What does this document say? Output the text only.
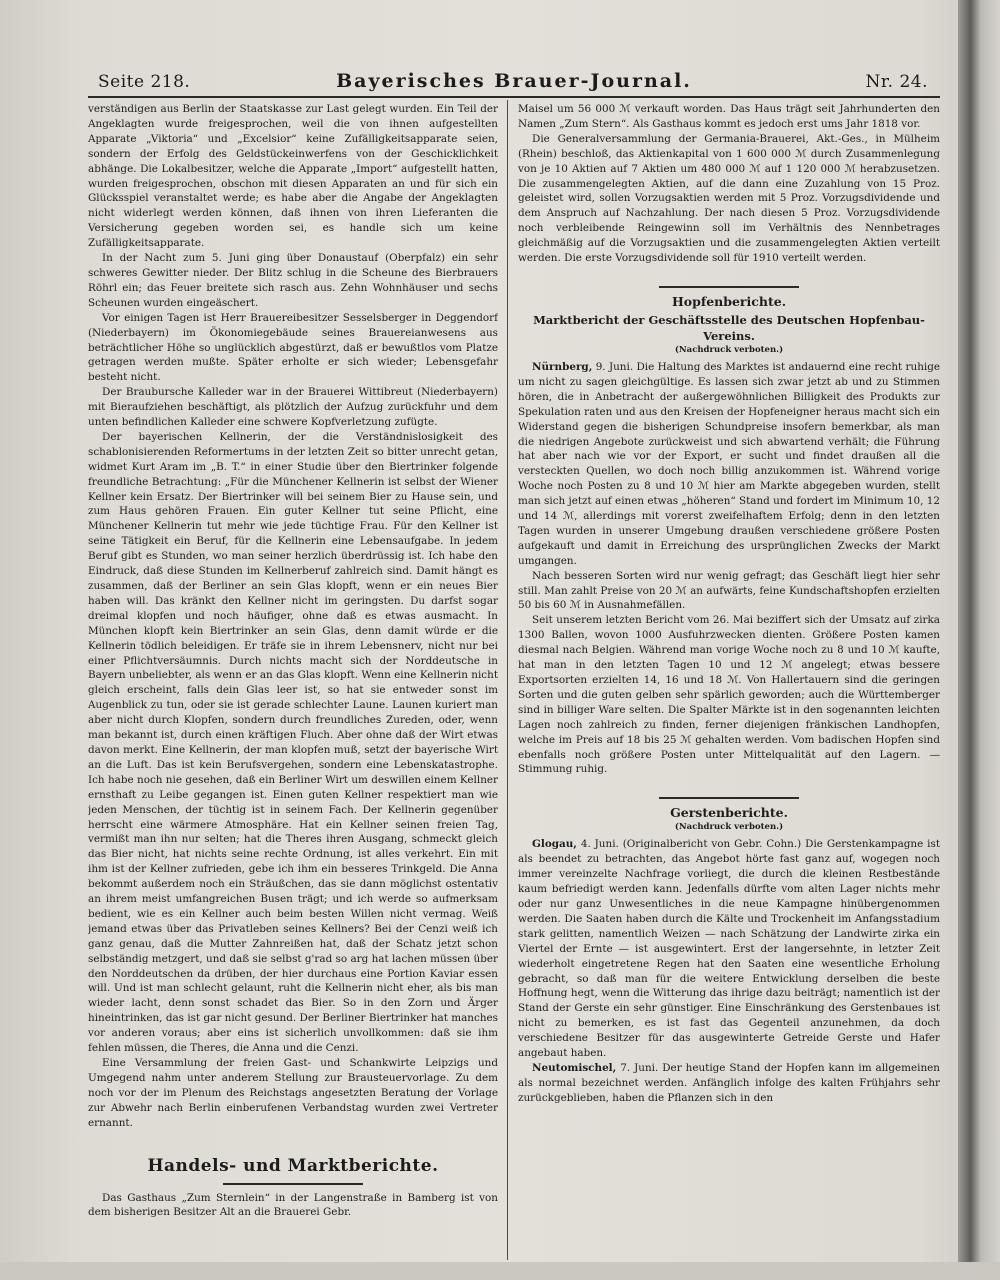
Seite 218.	Bayerisches Brauer-Journal.	Nr. 24.

verständigen aus Berlin der Staatskasse zur Last gelegt wurden. Ein Teil der Angeklagten wurde freigesprochen, weil die von ihnen aufgestellten Apparate „Viktoria“ und „Excelsior“ keine Zufälligkeitsapparate seien, sondern der Erfolg des Geldstückeinwerfens von der Geschicklichkeit abhänge. Die Lokalbesitzer, welche die Apparate „Import“ aufgestellt hatten, wurden freigesprochen, obschon mit diesen Apparaten an und für sich ein Glücksspiel veranstaltet werde; es habe aber die Angabe der Angeklagten nicht widerlegt werden können, daß ihnen von ihren Lieferanten die Versicherung gegeben worden sei, es handle sich um keine Zufälligkeitsapparate.

In der Nacht zum 5. Juni ging über Donaustauf (Oberpfalz) ein sehr schweres Gewitter nieder. Der Blitz schlug in die Scheune des Bierbrauers Röhrl ein; das Feuer breitete sich rasch aus. Zehn Wohnhäuser und sechs Scheunen wurden eingeäschert.

Vor einigen Tagen ist Herr Brauereibesitzer Sesselsberger in Deggendorf (Niederbayern) im Ökonomiegebäude seines Brauereianwesens aus beträchtlicher Höhe so unglücklich abgestürzt, daß er bewußtlos vom Platze getragen werden mußte. Später erholte er sich wieder; Lebensgefahr besteht nicht.

Der Brauburschе Kalleder war in der Brauerei Wittibreut (Niederbayern) mit Bieraufziehen beschäftigt, als plötzlich der Aufzug zurückfuhr und dem unten befindlichen Kalleder eine schwere Kopfverletzung zufügte.

Der bayerischen Kellnerin, der die Verständnislosigkeit des schablonisierenden Reformertums in der letzten Zeit so bitter unrecht getan, widmet Kurt Aram im „B. T.“ in einer Studie über den Biertrinker folgende freundliche Betrachtung: „Für die Münchener Kellnerin ist selbst der Wiener Kellner kein Ersatz. Der Biertrinker will bei seinem Bier zu Hause sein, und zum Haus gehören Frauen. Ein guter Kellner tut seine Pflicht, eine Münchener Kellnerin tut mehr wie jede tüchtige Frau. Für den Kellner ist seine Tätigkeit ein Beruf, für die Kellnerin eine Lebensaufgabe. In jedem Beruf gibt es Stunden, wo man seiner herzlich überdrüssig ist. Ich habe den Eindruck, daß diese Stunden im Kellnerberuf zahlreich sind. Damit hängt es zusammen, daß der Berliner an sein Glas klopft, wenn er ein neues Bier haben will. Das kränkt den Kellner nicht im geringsten. Du darfst sogar dreimal klopfen und noch häufiger, ohne daß es etwas ausmacht. In München klopft kein Biertrinker an sein Glas, denn damit würde er die Kellnerin tödlich beleidigen. Er träfe sie in ihrem Lebensnerv, nicht nur bei einer Pflichtversäumnis. Durch nichts macht sich der Norddeutsche in Bayern unbeliebter, als wenn er an das Glas klopft. Wenn eine Kellnerin nicht gleich erscheint, falls dein Glas leer ist, so hat sie entweder sonst im Augenblick zu tun, oder sie ist gerade schlechter Laune. Launen kuriert man aber nicht durch Klopfen, sondern durch freundliches Zureden, oder, wenn man bekannt ist, durch einen kräftigen Fluch. Aber ohne daß der Wirt etwas davon merkt. Eine Kellnerin, der man klopfen muß, setzt der bayerische Wirt an die Luft. Das ist kein Berufsvergehen, sondern eine Lebenskatastrophe. Ich habe noch nie gesehen, daß ein Berliner Wirt um deswillen einem Kellner ernsthaft zu Leibe gegangen ist. Einen guten Kellner respektiert man wie jeden Menschen, der tüchtig ist in seinem Fach. Der Kellnerin gegenüber herrscht eine wärmere Atmosphäre. Hat ein Kellner seinen freien Tag, vermißt man ihn nur selten; hat die Theres ihren Ausgang, schmeckt gleich das Bier nicht, hat nichts seine rechte Ordnung, ist alles verkehrt. Ein mit ihm ist der Kellner zufrieden, gebe ich ihm ein besseres Trinkgeld. Die Anna bekommt außerdem noch ein Sträußchen, das sie dann möglichst ostentativ an ihrem meist umfangreichen Busen trägt; und ich werde so aufmerksam bedient, wie es ein Kellner auch beim besten Willen nicht vermag. Weiß jemand etwas über das Privatleben seines Kellners? Bei der Cenzi weiß ich ganz genau, daß die Mutter Zahnreißen hat, daß der Schatz jetzt schon selbständig metzgert, und daß sie selbst g'rad so arg hat lachen müssen über den Norddeutschen da drüben, der hier durchaus eine Portion Kaviar essen will. Und ist man schlecht gelaunt, ruht die Kellnerin nicht eher, als bis man wieder lacht, denn sonst schadet das Bier. So in den Zorn und Ärger hineintrinken, das ist gar nicht gesund. Der Berliner Biertrinker hat manches vor anderen voraus; aber eins ist sicherlich unvollkommen: daß sie ihm fehlen müssen, die Theres, die Anna und die Cenzi.

Eine Versammlung der freien Gast- und Schankwirte Leipzigs und Umgegend nahm unter anderem Stellung zur Brausteuervorlage. Zu dem noch vor der im Plenum des Reichstags angesetzten Beratung der Vorlage zur Abwehr nach Berlin einberufenen Verbandstag wurden zwei Vertreter ernannt.

Handels- und Marktberichte.

Das Gasthaus „Zum Sternlein“ in der Langenstraße in Bamberg ist von dem bisherigen Besitzer Alt an die Brauerei Gebr.

Maisel um 56 000 ℳ verkauft worden. Das Haus trägt seit Jahrhunderten den Namen „Zum Stern“. Als Gasthaus kommt es jedoch erst ums Jahr 1818 vor.

Die Generalversammlung der Germania-Brauerei, Akt.-Ges., in Mülheim (Rhein) beschloß, das Aktienkapital von 1 600 000 ℳ durch Zusammenlegung von je 10 Aktien auf 7 Aktien um 480 000 ℳ auf 1 120 000 ℳ herabzusetzen. Die zusammengelegten Aktien, auf die dann eine Zuzahlung von 15 Proz. geleistet wird, sollen Vorzugsaktien werden mit 5 Proz. Vorzugsdividende und dem Anspruch auf Nachzahlung. Der nach diesen 5 Proz. Vorzugsdividende noch verbleibende Reingewinn soll im Verhältnis des Nennbetrages gleichmäßig auf die Vorzugsaktien und die zusammengelegten Aktien verteilt werden. Die erste Vorzugsdividende soll für 1910 verteilt werden.

Hopfenberichte.
Marktbericht der Geschäftsstelle des Deutschen Hopfenbau-Vereins.
(Nachdruck verboten.)

Nürnberg, 9. Juni. Die Haltung des Marktes ist andauernd eine recht ruhige um nicht zu sagen gleichgültige. Es lassen sich zwar jetzt ab und zu Stimmen hören, die in Anbetracht der außergewöhnlichen Billigkeit des Produkts zur Spekulation raten und aus den Kreisen der Hopfeneigner heraus macht sich ein Widerstand gegen die bisherigen Schundpreise insofern bemerkbar, als man die niedrigen Angebote zurückweist und sich abwartend verhält; die Führung hat aber nach wie vor der Export, er sucht und findet draußen all die versteckten Quellen, wo doch noch billig anzukommen ist. Während vorige Woche noch Posten zu 8 und 10 ℳ hier am Markte abgegeben wurden, stellt man sich jetzt auf einen etwas „höheren“ Stand und fordert im Minimum 10, 12 und 14 ℳ, allerdings mit vorerst zweifelhaftem Erfolg; denn in den letzten Tagen wurden in unserer Umgebung draußen verschiedene größere Posten aufgekauft und damit in Erreichung des ursprünglichen Zwecks der Markt umgangen.

Nach besseren Sorten wird nur wenig gefragt; das Geschäft liegt hier sehr still. Man zahlt Preise von 20 ℳ an aufwärts, feine Kundschaftshopfen erzielten 50 bis 60 ℳ in Ausnahmefällen.

Seit unserem letzten Bericht vom 26. Mai beziffert sich der Umsatz auf zirka 1300 Ballen, wovon 1000 Ausfuhrzwecken dienten. Größere Posten kamen diesmal nach Belgien. Während man vorige Woche noch zu 8 und 10 ℳ kaufte, hat man in den letzten Tagen 10 und 12 ℳ angelegt; etwas bessere Exportsorten erzielten 14, 16 und 18 ℳ. Von Hallertauern sind die geringen Sorten und die guten gelben sehr spärlich geworden; auch die Württemberger sind in billiger Ware selten. Die Spalter Märkte ist in den sogenannten leichten Lagen noch zahlreich zu finden, ferner diejenigen fränkischen Landhopfen, welche im Preis auf 18 bis 25 ℳ gehalten werden. Vom badischen Hopfen sind ebenfalls noch größere Posten unter Mittelqualität auf den Lagern. — Stimmung ruhig.

Gerstenberichte.
(Nachdruck verboten.)

Glogau, 4. Juni. (Originalbericht von Gebr. Cohn.) Die Gerstenkampagne ist als beendet zu betrachten, das Angebot hörte fast ganz auf, wogegen noch immer vereinzelte Nachfrage vorliegt, die durch die kleinen Restbestände kaum befriedigt werden kann. Jedenfalls dürfte vom alten Lager nichts mehr oder nur ganz Unwesentliches in die neue Kampagne hinübergenommen werden. Die Saaten haben durch die Kälte und Trockenheit im Anfangsstadium stark gelitten, namentlich Weizen — nach Schätzung der Landwirte zirka ein Viertel der Ernte — ist ausgewintert. Erst der langersehnte, in letzter Zeit wiederholt eingetretene Regen hat den Saaten eine wesentliche Erholung gebracht, so daß man für die weitere Entwicklung derselben die beste Hoffnung hegt, wenn die Witterung das ihrige dazu beiträgt; namentlich ist der Stand der Gerste ein sehr günstiger. Eine Einschränkung des Gerstenbaues ist nicht zu bemerken, es ist fast das Gegenteil anzunehmen, da doch verschiedene Besitzer für das ausgewinterte Getreide Gerste und Hafer angebaut haben.

Neutomischel, 7. Juni. Der heutige Stand der Hopfen kann im allgemeinen als normal bezeichnet werden. Anfänglich infolge des kalten Frühjahrs sehr zurückgeblieben, haben die Pflanzen sich in den
